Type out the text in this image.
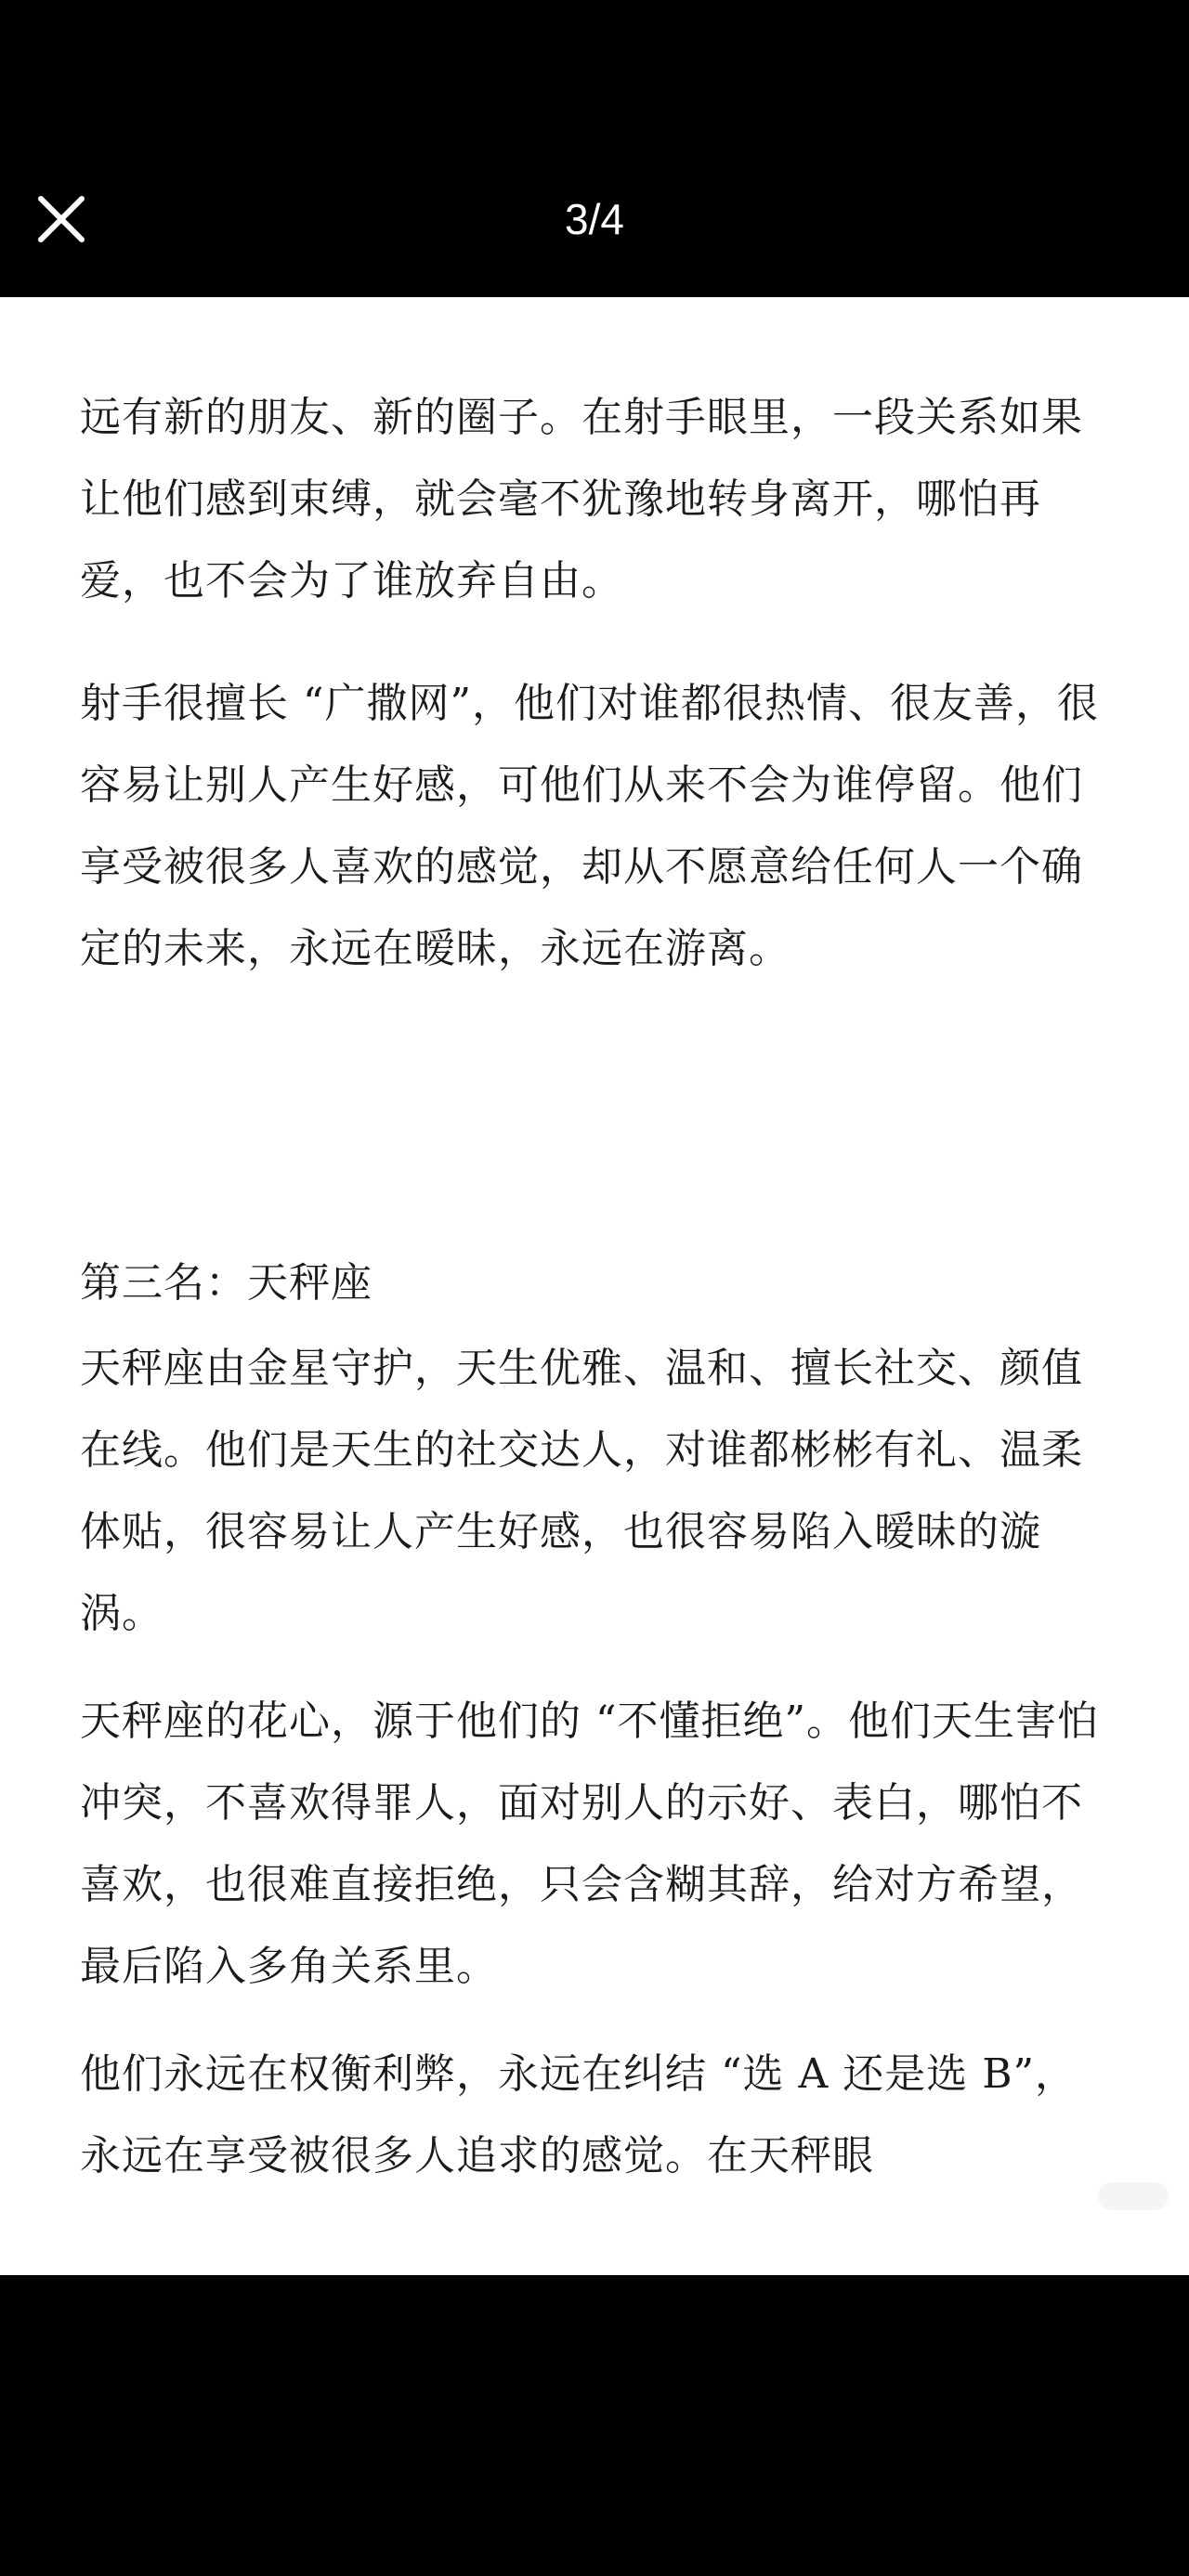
3/4

远有新的朋友、新的圈子。在射手眼里，一段关系如果让他们感到束缚，就会毫不犹豫地转身离开，哪怕再爱，也不会为了谁放弃自由。

射手很擅长 “广撒网”，他们对谁都很热情、很友善，很容易让别人产生好感，可他们从来不会为谁停留。他们享受被很多人喜欢的感觉，却从不愿意给任何人一个确定的未来，永远在暧昧，永远在游离。

第三名：天秤座

天秤座由金星守护，天生优雅、温和、擅长社交、颜值在线。他们是天生的社交达人，对谁都彬彬有礼、温柔体贴，很容易让人产生好感，也很容易陷入暧昧的漩涡。

天秤座的花心，源于他们的 “不懂拒绝”。他们天生害怕冲突，不喜欢得罪人，面对别人的示好、表白，哪怕不喜欢，也很难直接拒绝，只会含糊其辞，给对方希望，最后陷入多角关系里。

他们永远在权衡利弊，永远在纠结 “选 A 还是选 B”，永远在享受被很多人追求的感觉。在天秤眼
